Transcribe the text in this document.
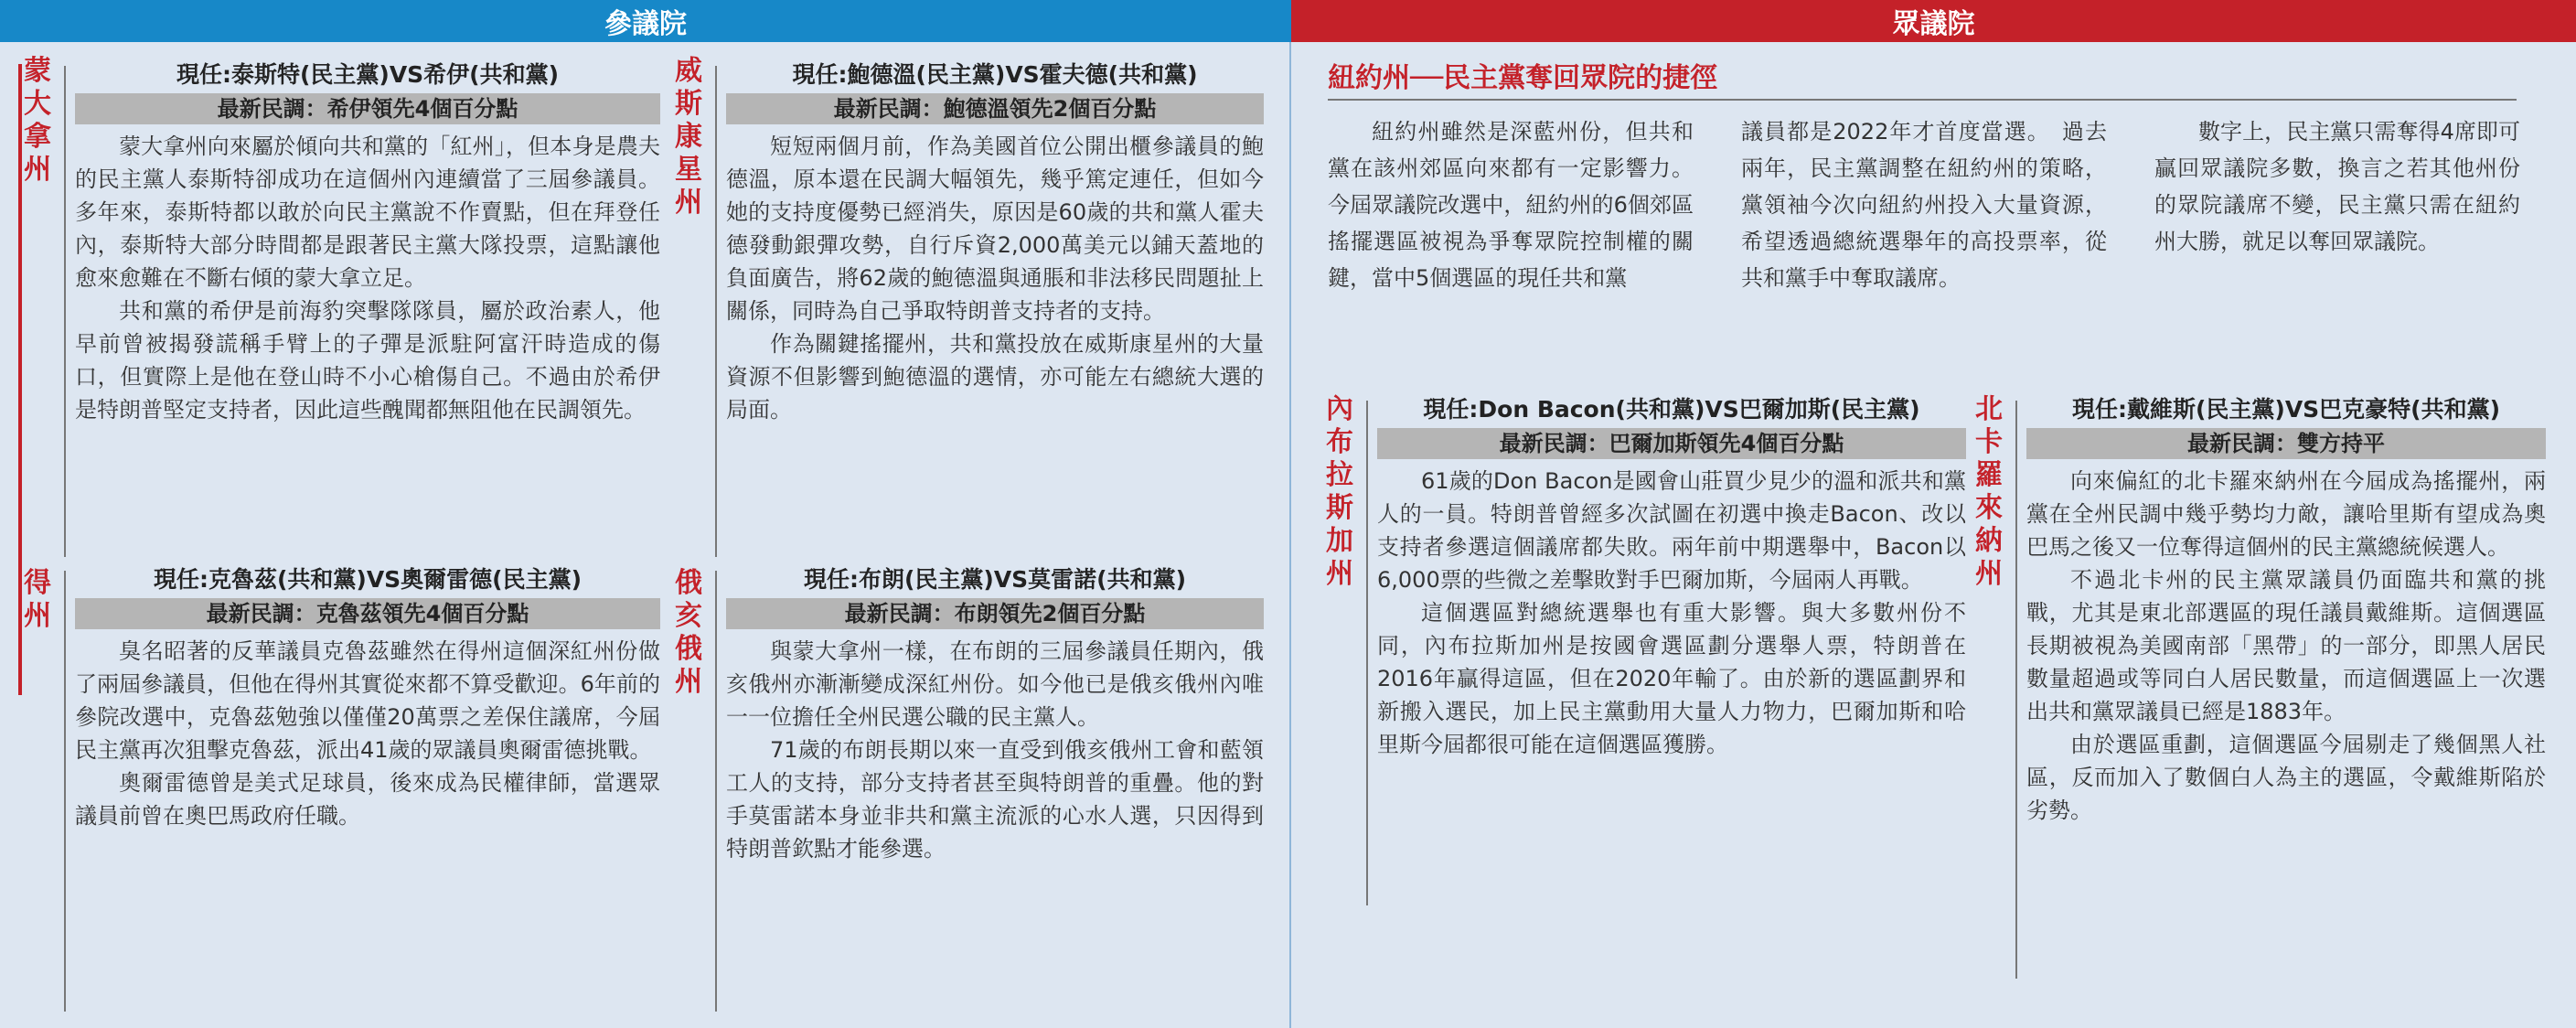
參議院	眾議院
蒙
大
拿
州
現任:泰斯特(民主黨)VS希伊(共和黨)
最新民調：希伊領先4個百分點

蒙大拿州向來屬於傾向共和黨的「紅州」，但本身是農夫的民主黨人泰斯特卻成功在這個州內連續當了三屆參議員。多年來，泰斯特都以敢於向民主黨說不作賣點，但在拜登任內，泰斯特大部分時間都是跟著民主黨大隊投票，這點讓他愈來愈難在不斷右傾的蒙大拿立足。

共和黨的希伊是前海豹突擊隊隊員，屬於政治素人，他早前曾被揭發謊稱手臂上的子彈是派駐阿富汗時造成的傷口，但實際上是他在登山時不小心槍傷自己。不過由於希伊是特朗普堅定支持者，因此這些醜聞都無阻他在民調領先。

威
斯
康
星
州
現任:鮑德溫(民主黨)VS霍夫德(共和黨)
最新民調：鮑德溫領先2個百分點

短短兩個月前，作為美國首位公開出櫃參議員的鮑德溫，原本還在民調大幅領先，幾乎篤定連任，但如今她的支持度優勢已經消失，原因是60歲的共和黨人霍夫德發動銀彈攻勢，自行斥資2,000萬美元以鋪天蓋地的負面廣告，將62歲的鮑德溫與通脹和非法移民問題扯上關係，同時為自己爭取特朗普支持者的支持。

作為關鍵搖擺州，共和黨投放在威斯康星州的大量資源不但影響到鮑德溫的選情，亦可能左右總統大選的局面。

得
州
現任:克魯茲(共和黨)VS奧爾雷德(民主黨)
最新民調：克魯茲領先4個百分點

臭名昭著的反華議員克魯茲雖然在得州這個深紅州份做了兩屆參議員，但他在得州其實從來都不算受歡迎。6年前的參院改選中，克魯茲勉強以僅僅20萬票之差保住議席，今屆民主黨再次狙擊克魯茲，派出41歲的眾議員奧爾雷德挑戰。

奧爾雷德曾是美式足球員，後來成為民權律師，當選眾議員前曾在奧巴馬政府任職。

俄
亥
俄
州
現任:布朗(民主黨)VS莫雷諾(共和黨)
最新民調：布朗領先2個百分點

與蒙大拿州一樣，在布朗的三屆參議員任期內，俄亥俄州亦漸漸變成深紅州份。如今他已是俄亥俄州內唯一一位擔任全州民選公職的民主黨人。

71歲的布朗長期以來一直受到俄亥俄州工會和藍領工人的支持，部分支持者甚至與特朗普的重疊。他的對手莫雷諾本身並非共和黨主流派的心水人選，只因得到特朗普欽點才能參選。

紐約州──民主黨奪回眾院的捷徑
紐約州雖然是深藍州份，但共和黨在該州郊區向來都有一定影響力。今屆眾議院改選中，紐約州的6個郊區搖擺選區被視為爭奪眾院控制權的關鍵，當中5個選區的現任共和黨
議員都是2022年才首度當選。　過去兩年，民主黨調整在紐約州的策略，黨領袖今次向紐約州投入大量資源，希望透過總統選舉年的高投票率，從共和黨手中奪取議席。
數字上，民主黨只需奪得4席即可贏回眾議院多數，換言之若其他州份的眾院議席不變，民主黨只需在紐約州大勝，就足以奪回眾議院。
內
布
拉
斯
加
州
現任:Don Bacon(共和黨)VS巴爾加斯(民主黨)
最新民調：巴爾加斯領先4個百分點

61歲的Don Bacon是國會山莊買少見少的溫和派共和黨人的一員。特朗普曾經多次試圖在初選中換走Bacon、改以支持者參選這個議席都失敗。兩年前中期選舉中，Bacon以6,000票的些微之差擊敗對手巴爾加斯，今屆兩人再戰。

這個選區對總統選舉也有重大影響。與大多數州份不同，內布拉斯加州是按國會選區劃分選舉人票，特朗普在2016年贏得這區，但在2020年輸了。由於新的選區劃界和新搬入選民，加上民主黨動用大量人力物力，巴爾加斯和哈里斯今屆都很可能在這個選區獲勝。

北
卡
羅
來
納
州
現任:戴維斯(民主黨)VS巴克豪特(共和黨)
最新民調：雙方持平

向來偏紅的北卡羅來納州在今屆成為搖擺州，兩黨在全州民調中幾乎勢均力敵，讓哈里斯有望成為奧巴馬之後又一位奪得這個州的民主黨總統候選人。

不過北卡州的民主黨眾議員仍面臨共和黨的挑戰，尤其是東北部選區的現任議員戴維斯。這個選區長期被視為美國南部「黑帶」的一部分，即黑人居民數量超過或等同白人居民數量，而這個選區上一次選出共和黨眾議員已經是1883年。

由於選區重劃，這個選區今屆剔走了幾個黑人社區，反而加入了數個白人為主的選區，令戴維斯陷於劣勢。
